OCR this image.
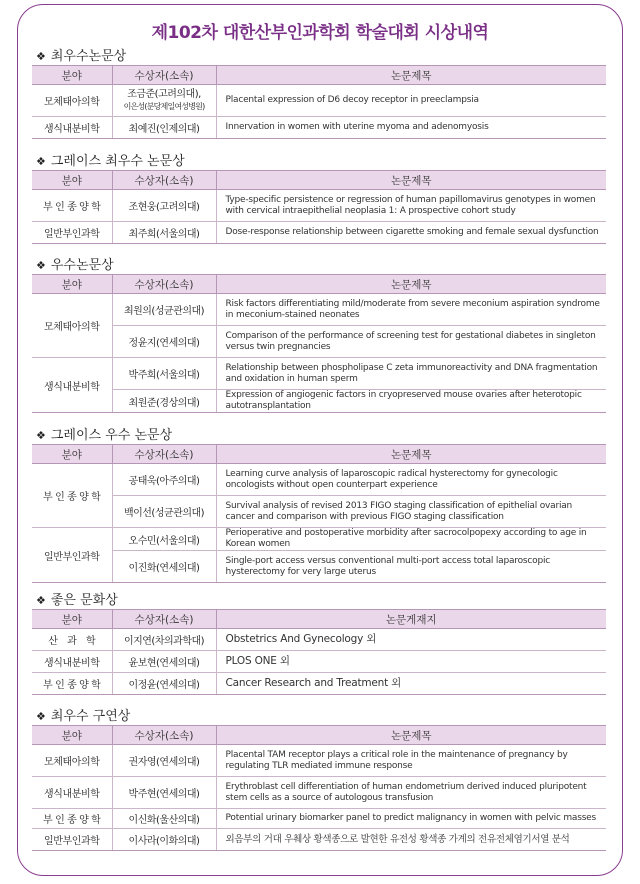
제102차 대한산부인과학회 학술대회 시상내역
❖ 최우수논문상
분야	수상자(소속)	논문제목
모체태아의학	조금준(고려의대),
이은성(분당제일여성병원)	Placental expression of D6 decoy receptor in preeclampsia
생식내분비학	최예진(인제의대)	Innervation in women with uterine myoma and adenomyosis
❖ 그레이스 최우수 논문상
분야	수상자(소속)	논문제목
부 인 종 양 학	조현웅(고려의대)	Type-specific persistence or regression of human papillomavirus genotypes in women with cervical intraepithelial neoplasia 1: A prospective cohort study
일반부인과학	최주희(서울의대)	Dose-response relationship between cigarette smoking and female sexual dysfunction
❖ 우수논문상
분야	수상자(소속)	논문제목
모체태아의학	최원의(성균관의대)	Risk factors differentiating mild/moderate from severe meconium aspiration syndrome in meconium-stained neonates
	정윤지(연세의대)	Comparison of the performance of screening test for gestational diabetes in singleton versus twin pregnancies
생식내분비학	박주희(서울의대)	Relationship between phospholipase C zeta immunoreactivity and DNA fragmentation and oxidation in human sperm
	최원준(경상의대)	Expression of angiogenic factors in cryopreserved mouse ovaries after heterotopic autotransplantation
❖ 그레이스 우수 논문상
분야	수상자(소속)	논문제목
부 인 종 양 학	공태욱(아주의대)	Learning curve analysis of laparoscopic radical hysterectomy for gynecologic oncologists without open counterpart experience
	백이선(성균관의대)	Survival analysis of revised 2013 FIGO staging classification of epithelial ovarian cancer and comparison with previous FIGO staging classification
일반부인과학	오수민(서울의대)	Perioperative and postoperative morbidity after sacrocolpopexy according to age in Korean women
	이진화(연세의대)	Single-port access versus conventional multi-port access total laparoscopic hysterectomy for very large uterus
❖ 좋은 문화상
분야	수상자(소속)	논문게재지
산　과　학	이지연(차의과학대)	Obstetrics And Gynecology 외
생식내분비학	윤보현(연세의대)	PLOS ONE 외
부 인 종 양 학	이정윤(연세의대)	Cancer Research and Treatment 외
❖ 최우수 구연상
분야	수상자(소속)	논문제목
모체태아의학	권자영(연세의대)	Placental TAM receptor plays a critical role in the maintenance of pregnancy by regulating TLR mediated immune response
생식내분비학	박주현(연세의대)	Erythroblast cell differentiation of human endometrium derived induced pluripotent stem cells as a source of autologous transfusion
부 인 종 양 학	이신화(울산의대)	Potential urinary biomarker panel to predict malignancy in women with pelvic masses
일반부인과학	이사라(이화의대)	외음부의 거대 우췌상 황색종으로 발현한 유전성 황색종 가계의 전유전체염기서열 분석
